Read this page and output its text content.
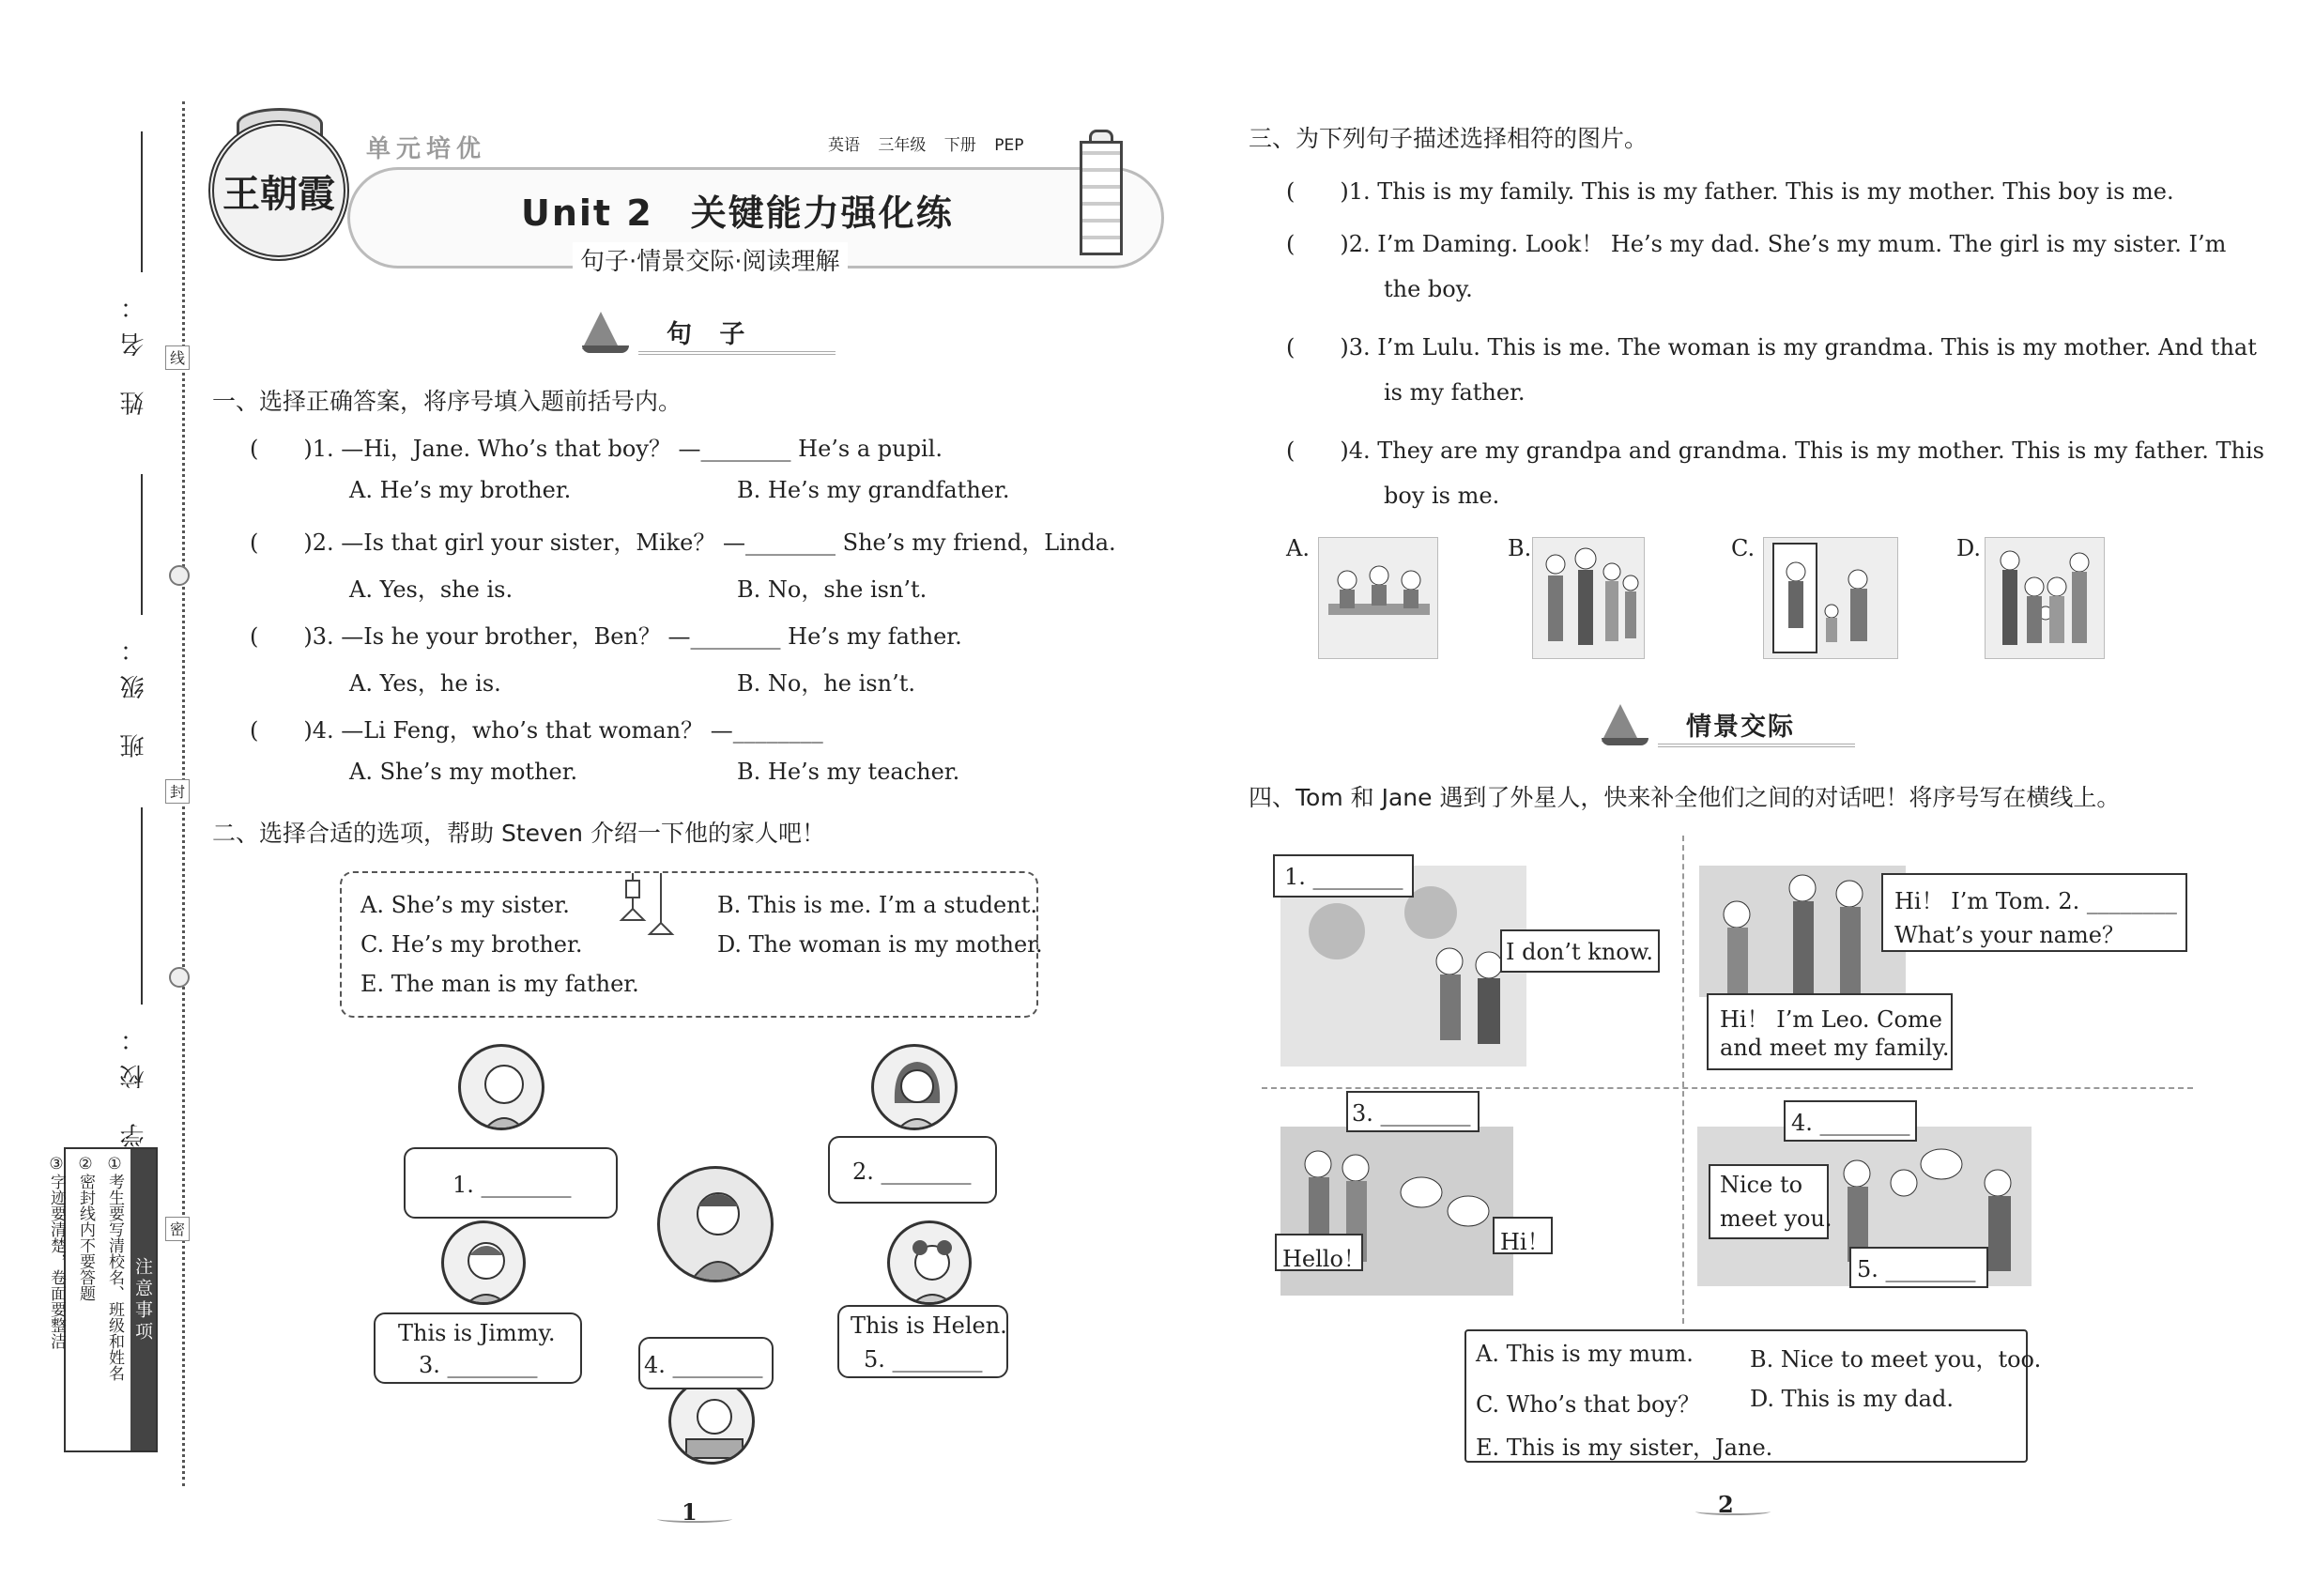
姓 名：
班 级：
学 校：
线
封
密
注意事项
①考生要写清校名、班级和姓名
②密封线内不要答题
③字迹要清楚，卷面要整洁
王朝霞
单元培优	英语 三年级 下册 PEP
Unit 2　关键能力强化练
句子·情景交际·阅读理解
句 子
一、选择正确答案，将序号填入题前括号内。
(　　)1. —Hi，Jane. Who’s that boy？ —________ He’s a pupil.
A. He’s my brother.	B. He’s my grandfather.
(　　)2. —Is that girl your sister，Mike？ —________ She’s my friend，Linda.
A. Yes，she is.	B. No，she isn’t.
(　　)3. —Is he your brother，Ben？ —________ He’s my father.
A. Yes，he is.	B. No，he isn’t.
(　　)4. —Li Feng，who’s that woman？ —________
A. She’s my mother.	B. He’s my teacher.
二、选择合适的选项，帮助 Steven 介绍一下他的家人吧！
A. She’s my sister.	B. This is me. I’m a student.
C. He’s my brother.	D. The woman is my mother.
E. The man is my father.
1. ________	2. ________
This is Jimmy.
3. ________	4. ________
This is Helen.
5. ________
1
三、为下列句子描述选择相符的图片。
(　　)1. This is my family. This is my father. This is my mother. This boy is me.
(　　)2. I’m Daming. Look！ He’s my dad. She’s my mum. The girl is my sister. I’m
the boy.
(　　)3. I’m Lulu. This is me. The woman is my grandma. This is my mother. And that
is my father.
(　　)4. They are my grandpa and grandma. This is my mother. This is my father. This
boy is me.
A.	B.	C.	D.
情景交际
四、Tom 和 Jane 遇到了外星人，快来补全他们之间的对话吧！将序号写在横线上。
1. ________
I don’t know.
Hi！ I’m Tom. 2. ________
What’s your name？
Hi！ I’m Leo. Come
and meet my family.
3. ________
Hello！
Hi！
4. ________
Nice to
meet you.
5. ________
A. This is my mum.	B. Nice to meet you，too.
C. Who’s that boy？ D. This is my dad.
E. This is my sister，Jane.
2
